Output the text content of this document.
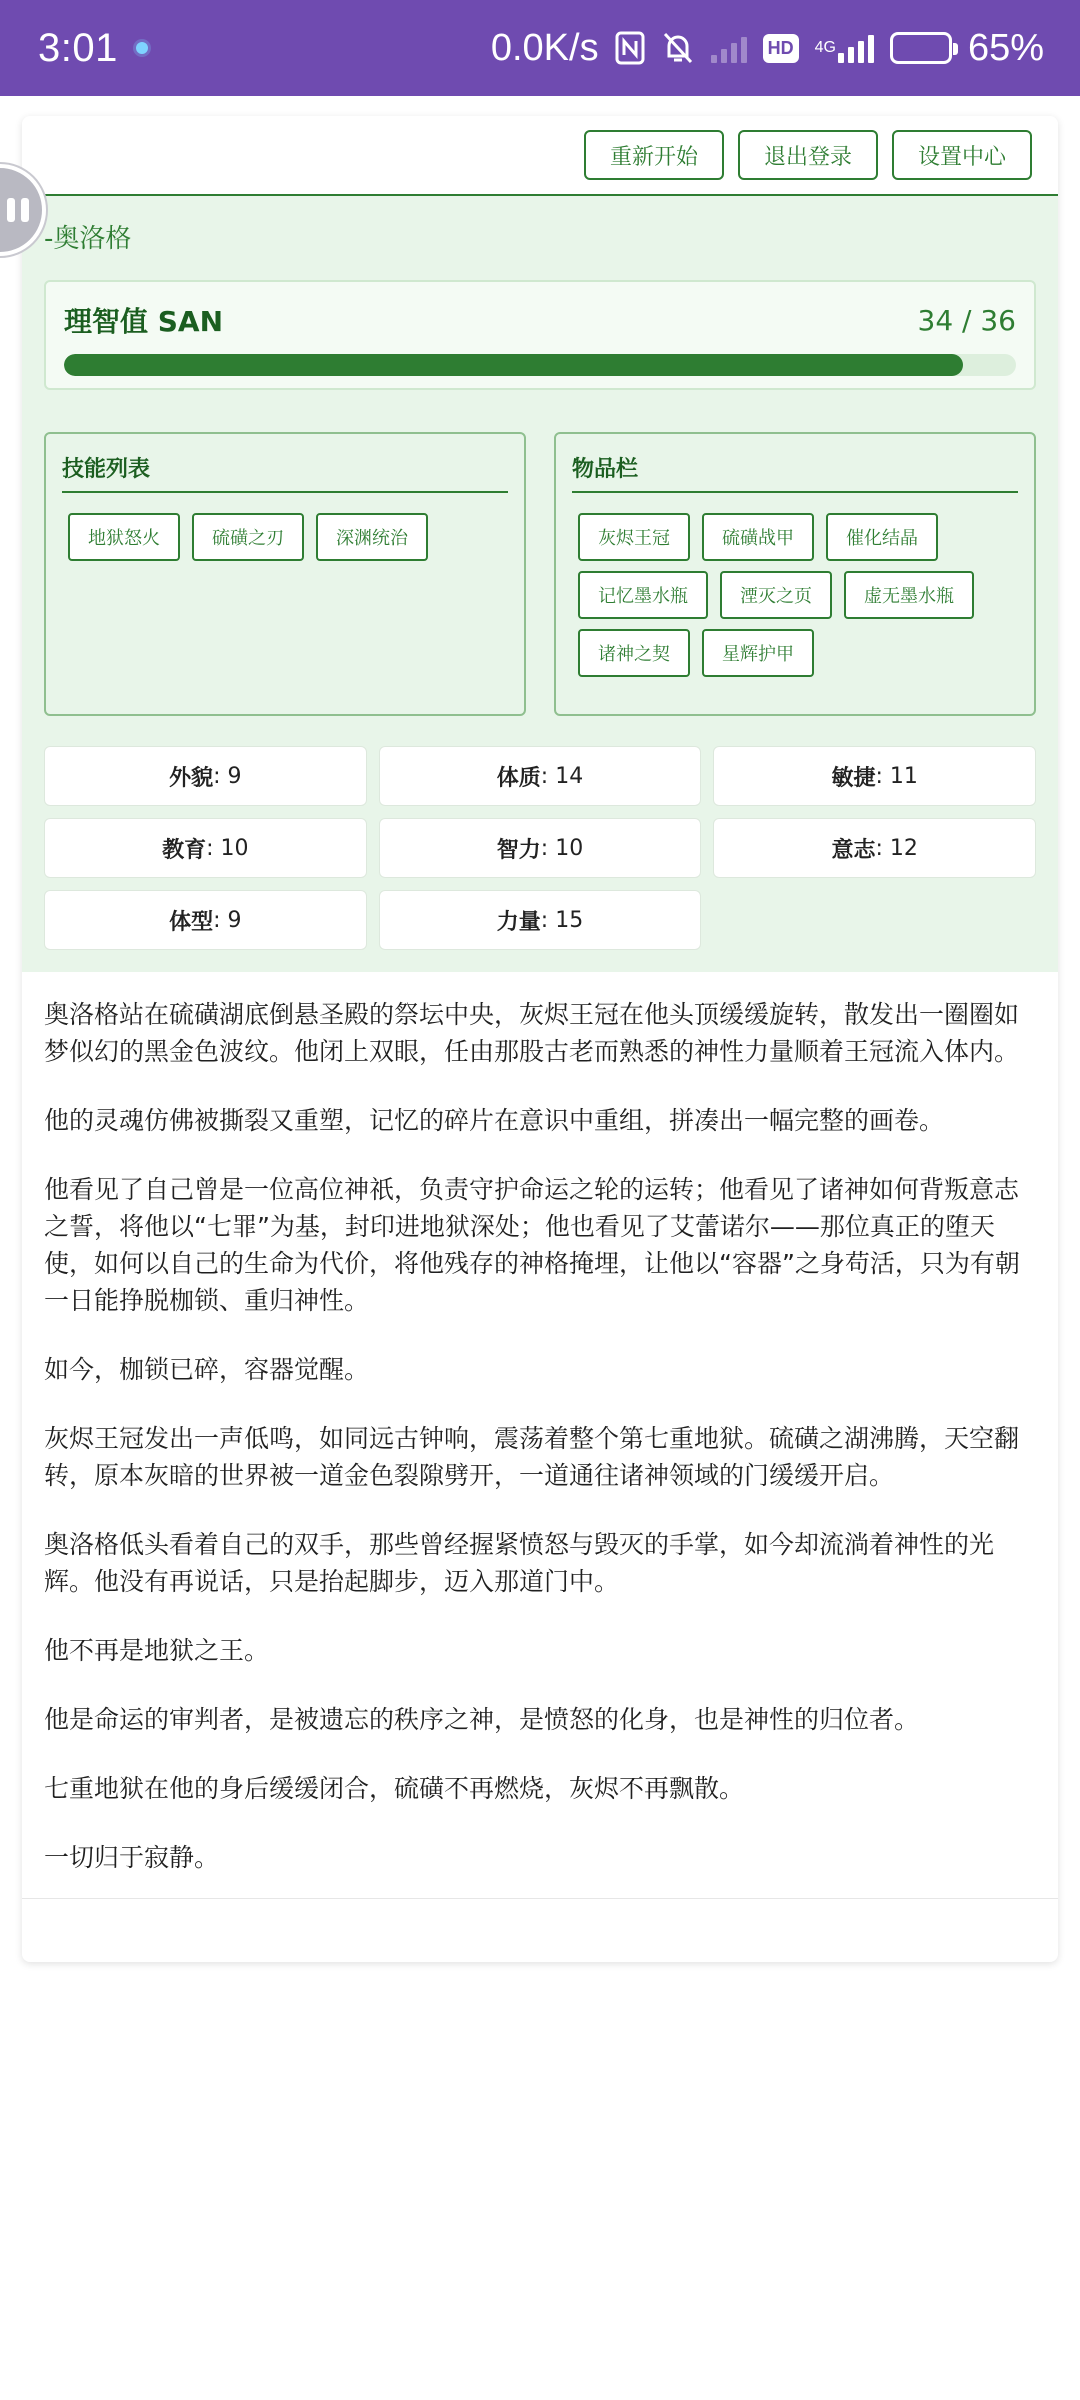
3:01	0.0K/s	HD	4G	65%
重新开始	退出登录	设置中心
-奥洛格
理智值 SAN	34 / 36
技能列表
地狱怒火	硫磺之刃	深渊统治
物品栏
灰烬王冠	硫磺战甲	催化结晶
记忆墨水瓶	湮灭之页	虚无墨水瓶
诸神之契	星辉护甲
外貌 : 9	体质 : 14	敏捷 : 11
教育 : 10	智力 : 10	意志 : 12
体型 : 9	力量 : 15

奥洛格站在硫磺湖底倒悬圣殿的祭坛中央，灰烬王冠在他头顶缓缓旋转，散发出一圈圈如梦似幻的黑金色波纹。他闭上双眼，任由那股古老而熟悉的神性力量顺着王冠流入体内。

他的灵魂仿佛被撕裂又重塑，记忆的碎片在意识中重组，拼凑出一幅完整的画卷。

他看见了自己曾是一位高位神祇，负责守护命运之轮的运转；他看见了诸神如何背叛意志之誓，将他以“七罪”为基，封印进地狱深处；他也看见了艾蕾诺尔——那位真正的堕天使，如何以自己的生命为代价，将他残存的神格掩埋，让他以“容器”之身苟活，只为有朝一日能挣脱枷锁、重归神性。

如今，枷锁已碎，容器觉醒。

灰烬王冠发出一声低鸣，如同远古钟响，震荡着整个第七重地狱。硫磺之湖沸腾，天空翻转，原本灰暗的世界被一道金色裂隙劈开，一道通往诸神领域的门缓缓开启。

奥洛格低头看着自己的双手，那些曾经握紧愤怒与毁灭的手掌，如今却流淌着神性的光辉。他没有再说话，只是抬起脚步，迈入那道门中。

他不再是地狱之王。

他是命运的审判者，是被遗忘的秩序之神，是愤怒的化身，也是神性的归位者。

七重地狱在他的身后缓缓闭合，硫磺不再燃烧，灰烬不再飘散。

一切归于寂静。
